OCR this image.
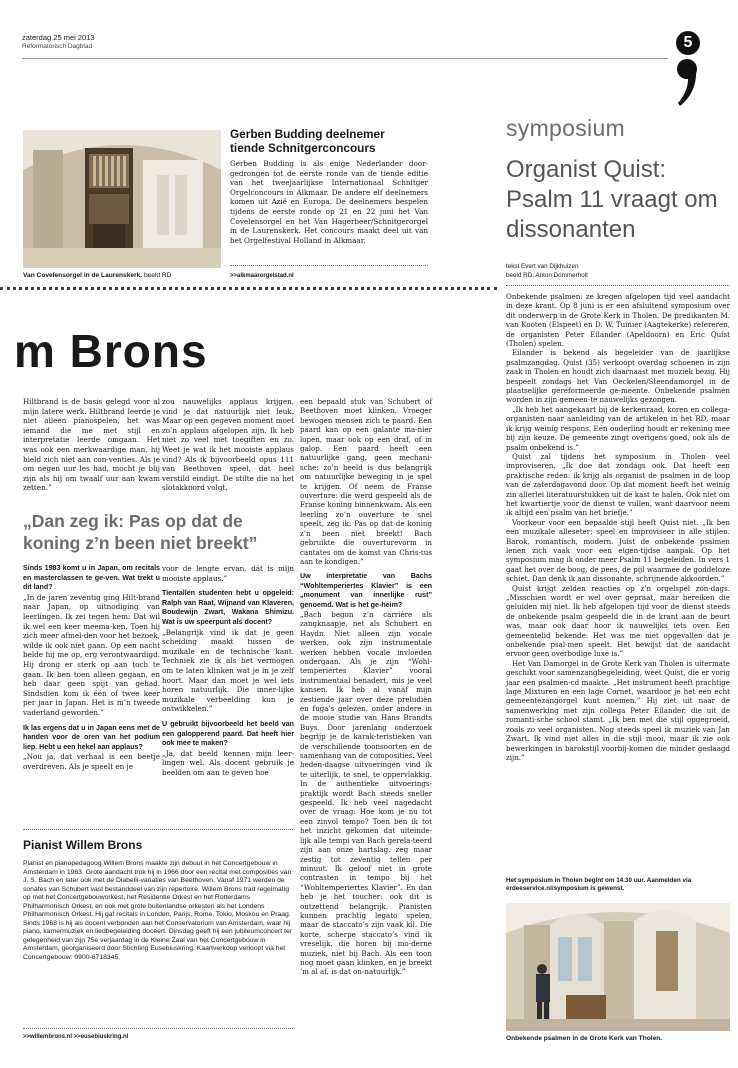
zaterdag 25 mei 2013
Reformatorisch Dagblad	5
Van Covelensorgel in de Laurenskerk. beeld RD
Gerben Budding deelnemer
tiende Schnitgerconcours

Gerben Budding is als enige Nederlander door-gedrongen tot de eerste ronde van de tiende editie van het tweejaarlijkse Internationaal Schnitger Orgelconcours in Alkmaar. De andere elf deelnemers komen uit Azië en Europa. De deelnemers bespelen tijdens de eerste ronde op 21 en 22 juni het Van Covelensorgel en het Van Hagerbeer/Schnitgerorgel in de Laurenskerk. Het concours maakt deel uit van het Orgelfestival Holland in Alkmaar.

>>alkmaarorgelstad.nl
m Brons

Hiltbrand is de basis gelegd voor al mijn latere werk. Hiltbrand leerde je niet alleen pianospelen, het was iemand die me met stijl en interpretatie leerde omgaan. Het was ook een merkwaardige man, hij hield zich niet aan con-venties. Als je om negen uur les had, mocht je blij zijn als hij om twaalf uur aan kwam zetten.”

zou nauwelijks applaus krijgen, vind je dat natuurlijk niet leuk. Maar op een gegeven moment moet zo’n applaus afgelopen zijn. Ik heb niet zo veel met toegiften en zo. Weet je wat ik het mooiste applaus vind? Als ik bijvoorbeeld opus 111 van Beethoven speel, dat heel verstild eindigt. De stilte die na het slotakkoord volgt,

„Dan zeg ik: Pas op dat de koning z’n been niet breekt”

Sinds 1983 komt u in Japan, om recitals en masterclassen te ge-ven. Wat trekt u dit land?

„In de jaren zeventig ging Hilt-brand naar Japan, op uitnodiging van leerlingen. Ik zei tegen hem: Dat wil ik wel een keer meema-ken. Toen hij zich meer afmel-den voor het bezoek, wilde ik ook niet gaan. Op een nacht belde hij me op, erg verontwaardigd. Hij drong er sterk op aan toch te gaan. Ik ben toen alleen gegaan, en heb daar geen spijt van gehad. Sindsdien kom ik één of twee keer per jaar in Japan. Het is m’n tweede vaderland geworden.”

Ik las ergens dat u in Japan eens met de handen voor de oren van het podium liep. Hebt u een hekel aan applaus?

„Nou ja, dat verhaal is een beetje overdreven. Als je speelt en je

voor de lengte ervan, dát is mijn mooiste applaus.”

Tientallen studenten hebt u opgeleid: Ralph van Raat, Wijnand van Klaveren, Boudewijn Zwart, Wakana Shimizu. Wat is uw speerpunt als docent?

„Belangrijk vind ik dat je geen scheiding maakt tussen de muzikale en de technische kant. Techniek zie ik als het vermogen om te laten klinken wat je in je zelf hoort. Maar dan moet je wel iets horen natuurlijk. Die inner-lijke muzikale verbeelding kun je ontwikkelen.”

U gebruikt bijvoorbeeld het beeld van een galopperend paard. Dat heeft hier ook mee te maken?

„Ja, dat beeld kennen mijn leer-lingen wel. Als docent gebruik je beelden om aan te geven hoe

een bepaald stuk van Schubert of Beethoven moet klinken. Vroeger bewogen mensen zich te paard. Een paard kan op een galante ma-nier lopen, maar ook op een draf, of in galop. Een paard heeft een natuurlijke gang, geen mechani-sche: zo’n beeld is dus belangrijk om natuurlijke beweging in je spel te krijgen. Of neem de Franse ouverture: die werd gespeeld als de Franse koning binnenkwam. Als een leerling zo’n ouverture te snel speelt, zeg ik: Pas op dat de koning z’n been niet breekt! Bach gebruikte die ouverturevorm in cantates om de komst van Chris-tus aan te kondigen.”

Uw interpretatie van Bachs “Wohltemperiertes Klavier” is een „monument van innerlijke rust” genoemd. Wat is het ge-heim?

„Bach begon z’n carrière als zangknaapje, net als Schubert en Haydn. Niet alleen zijn vocale werken, ook zijn instrumentale werken hebben vocale invloeden ondergaan. Als je zijn “Wohl-temperiertes Klavier” vooral instrumentaal benadert, mis je veel kansen. Ik heb al vanaf mijn zestiende jaar over deze preludiën en fuga’s gelezen, onder andere in de mooie studie van Hans Brandts Buys. Door jarenlang onderzoek begrijp je de karak-teristieken van de verschillende toonsoorten en de samenhang van de composities. Veel heden-daagse uitvoeringen vind ik te uiterlijk, te snel, te oppervlakkig. In de authentieke uitvoerings-praktijk wordt Bach steeds sneller gespeeld. Ik heb veel nagedacht over de vraag: Hoe kom je nu tot een zinvol tempo? Toen ben ik tot het inzicht gekomen dat uiteinde-lijk alle tempi van Bach gerela-teerd zijn aan onze hartslag, zeg maar zestig tot zeventig tellen per minuut. Ik geloof niet in grote contrasten in tempo bij het “Wohltemperiertes Klavier”. En dan heb je het toucher: ook dit is ontzettend belangrijk. Pianisten kunnen prachtig legato spelen, maar de staccato’s zijn vaak kil. Die korte, scherpe staccato’s vind ik vreselijk, die horen bij mo-derne muziek, niet bij Bach. Als een toon nog moet gaan klinken, en je breekt ’m al af, is dat on-natuurlijk.”

Pianist Willem Brons
Pianist en pianopedagoog Willem Brons maakte zijn debuut in het Concertgebouw in Amsterdam in 1963. Grote aandacht trok hij in 1966 door een recital met composities van J. S. Bach en later ook met de Diabelli-variaties van Beethoven. Vanaf 1971 werden de sonates van Schubert vast bestanddeel van zijn repertoire. Willem Brons trad regelmatig op met het Concertgebouworkest, het Residentie Orkest en het Rotterdams Philharmonisch Orkest, en ook met grote buitenlandse orkesten als het Londens Philharmonisch Orkest. Hij gaf recitals in Londen, Parijs, Rome, Tokio, Moskou en Praag. Sinds 1968 is hij als docent verbonden aan het Conservatorium van Amsterdam, waar hij piano, kamermuziek en liedbegeleiding doceert. Dinsdag geeft hij een jubileumconcert ter gelegenheid van zijn 75e verjaardag in de Kleine Zaal van het Concertgebouw in Amsterdam, georganiseerd door Stichting Eusebiuskring. Kaartverkoop verloopt via het Concertgebouw: 0900-6718345.
>>willembrons.nl >>eusebiuskring.nl
symposium
Organist Quist: Psalm 11 vraagt om dissonanten
tekst Evert van Dijkhuizen
beeld RD, Anton Dommerholt

Onbekende psalmen: ze kregen afgelopen tijd veel aandacht in deze krant. Op 8 juni is er een afsluitend symposium over dit onderwerp in de Grote Kerk in Tholen. De predikanten M. van Kooten (Elspeet) en D. W. Tuinier (Aagtekerke) refereren, de organisten Peter Eilander (Apeldoorn) en Eric Quist (Tholen) spelen.

Eilander is bekend als begeleider van de jaarlijkse psalmzangdag. Quist (35) verkoopt overdag schoenen in zijn zaak in Tholen en houdt zich daarnaast met muziek bezig. Hij bespeelt zondags het Van Oeckelen/Steendamorgel in de plaatselijke gereformeerde ge-meente. Onbekende psalmen worden in zijn gemeen-te nauwelijks gezongen.

„Ik heb het aangekaart bij de kerkenraad, koren en collega-organisten naar aanleiding van de artikelen in het RD, maar ik krijg weinig respons. Eén ouderling houdt er rekening mee bij zijn keuze. De gemeente zingt overigens goed, ook als de psalm onbekend is.”

Quist zal tijdens het symposium in Tholen veel improviseren. „Ik doe dat zondags ook. Dat heeft een praktische reden: ik krijg als organist de psalmen in de loop van de zaterdagavond door. Op dat moment heeft het weinig zin allerlei literatuurstukken uit de kast te halen. Ook niet om het kwartiertje voor de dienst te vullen, want daarvoor neem ik altijd een psalm van het briefje.”

Voorkeur voor een bepaalde stijl heeft Quist niet. „Ik ben een muzikale alleseter; speel en improviseer in alle stijlen. Barok, romantisch, modern. Juist de onbekende psalmen lenen zich vaak voor een eigen-tijdse aanpak. Op het symposium mag ik onder meer Psalm 11 begeleiden. In vers 1 gaat het over de boog, de pees, de pijl waarmee de goddeloze schiet. Dan denk ik aan dissonante, schrijnende akkoorden.”

Quist krijgt zelden reacties op z’n orgelspel zon-dags. „Misschien wordt er wel over gepraat, maar bereiken die geluiden mij niet. Ik heb afgelopen tijd voor de dienst steeds de onbekende psalm gespeeld die in de krant aan de beurt was, maar ook daar hoor ik nauwelijks iets over. Een gemeentelid bekende: Het was me niet opgevallen dat je onbekende psal-men speelt. Het bewijst dat de aandacht ervoor geen overbodige luxe is.”

Het Van Damorgel in de Grote Kerk van Tholen is uitermate geschikt voor samenzangbegeleiding, weet Quist, die er vorig jaar een psalmen-cd maakte. „Het instrument heeft prachtige lage Mixturen en een lage Cornet, waardoor je het een echt gemeentezangorgel kunt noemen.” Hij ziet uit naar de samenwerking met zijn collega Peter Eilander, die uit de romanti-sche school stamt. „Ik ben met die stijl opgegroeid, zoals zo veel organisten. Nog steeds speel ik muziek van Jan Zwart. Ik vind niet alles in die stijl mooi, maar ik zie ook bewerkingen in barokstijl voorbij-komen die minder geslaagd zijn.”

Het symposium in Tholen begint om 14.30 uur. Aanmelden via erdeeservice.nl/symposium is gewenst.
Onbekende psalmen in de Grote Kerk van Tholen.
